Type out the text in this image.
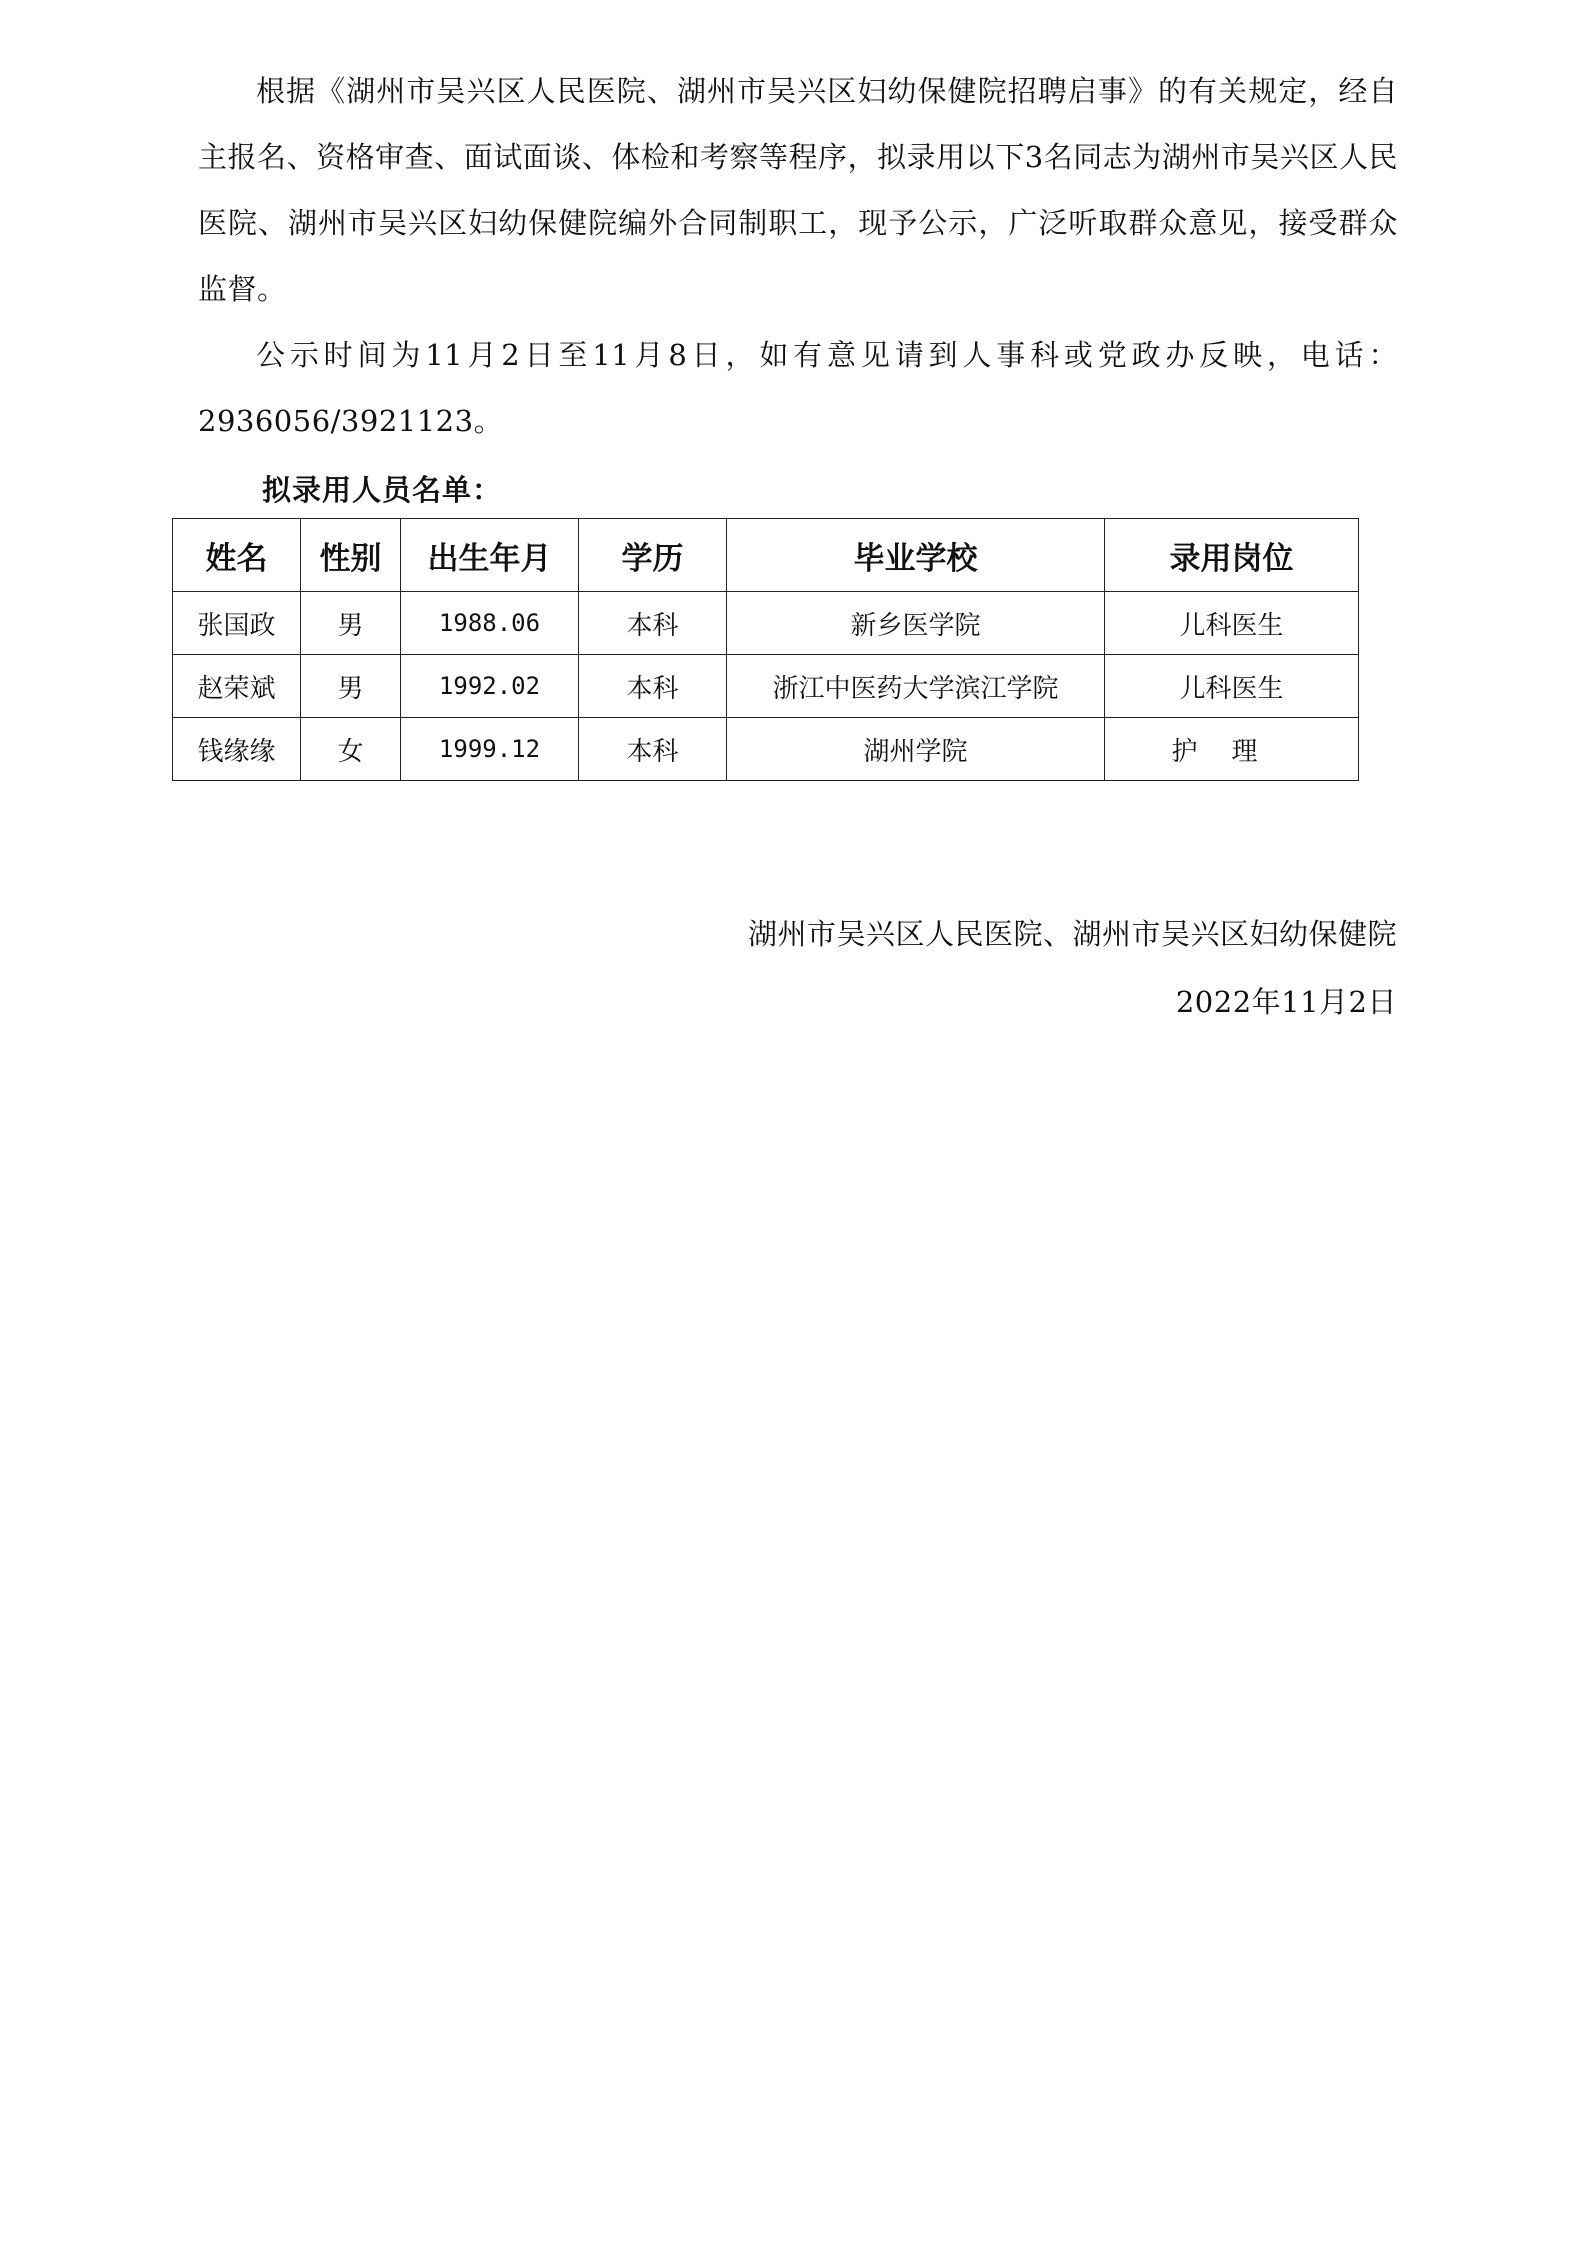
根据《湖州市吴兴区人民医院、湖州市吴兴区妇幼保健院招聘启事》的有关规定，经自主报名、资格审查、面试面谈、体检和考察等程序，拟录用以下3名同志为湖州市吴兴区人民医院、湖州市吴兴区妇幼保健院编外合同制职工，现予公示，广泛听取群众意见，接受群众监督。

公示时间为11月2日至11月8日，如有意见请到人事科或党政办反映，电话：2936056/3921123。

拟录用人员名单：

姓名	性别	出生年月	学历	毕业学校	录用岗位
张国政	男	1988.06	本科	新乡医学院	儿科医生
赵荣斌	男	1992.02	本科	浙江中医药大学滨江学院	儿科医生
钱缘缘	女	1999.12	本科	湖州学院	护理

湖州市吴兴区人民医院、湖州市吴兴区妇幼保健院

2022年11月2日
